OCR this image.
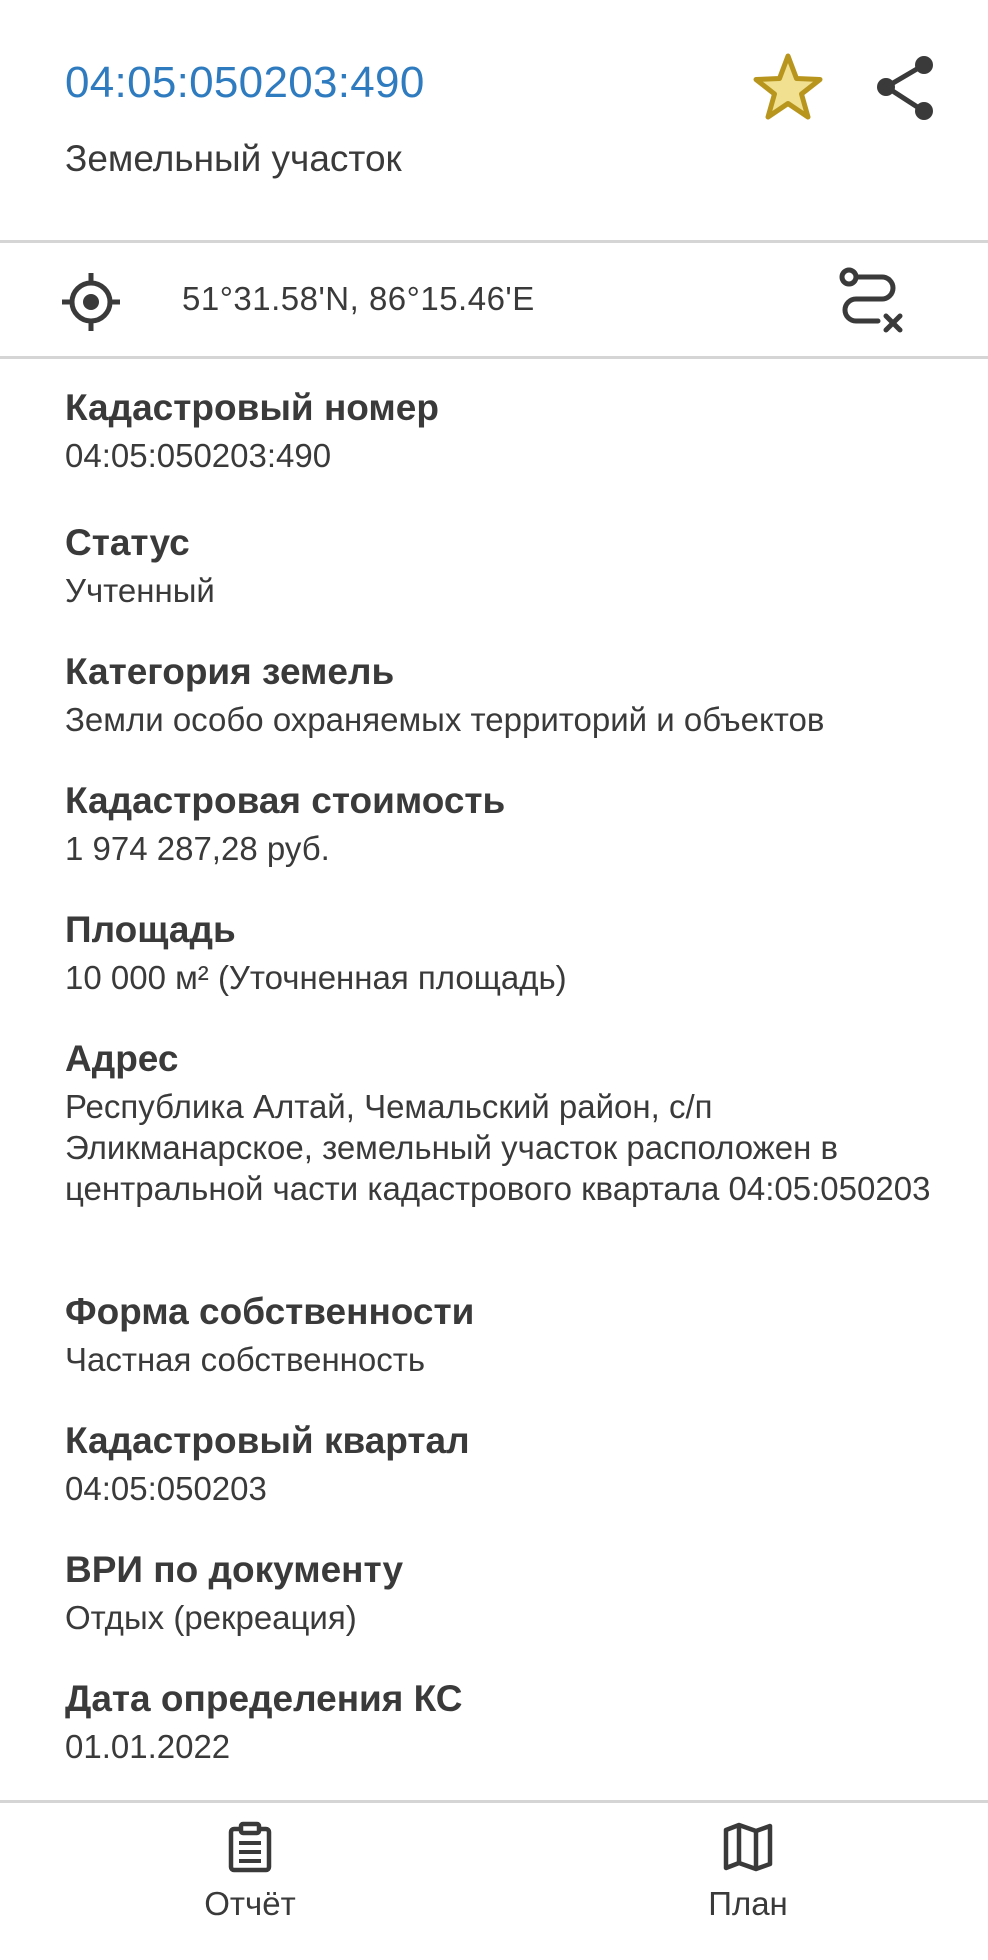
04:05:050203:490
Земельный участок
51°31.58'N, 86°15.46'E
Кадастровый номер
04:05:050203:490
Статус
Учтенный
Категория земель
Земли особо охраняемых территорий и объектов
Кадастровая стоимость
1 974 287,28 руб.
Площадь
10 000 м² (Уточненная площадь)
Адрес
Республика Алтай, Чемальский район, с/п Эликманарское, земельный участок расположен в центральной части кадастрового квартала 04:05:050203
Форма собственности
Частная собственность
Кадастровый квартал
04:05:050203
ВРИ по документу
Отдых (рекреация)
Дата определения КС
01.01.2022
Отчёт	План
